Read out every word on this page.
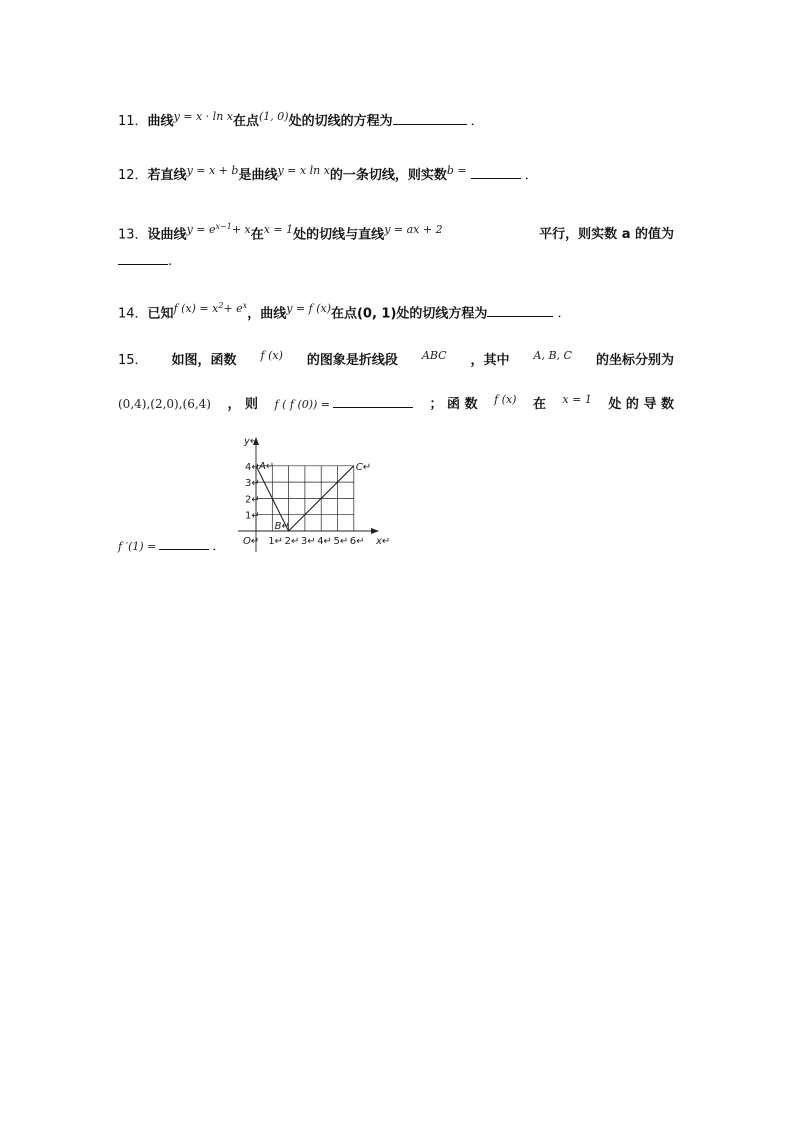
11．曲线$^{y = x \cdot ln x}$在点$^{(1, 0)}$处的切线的方程为	．
12．若直线$^{y = x + b}$是曲线$^{y = x ln x}$的一条切线，则实数$^{b =}$	．
13．设曲线$^{y = ex-1+ x}$在$^{x = 1}$处的切线与直线$^{y = ax + 2}$	平行，则实数 a 的值为
.
14．已知$^{f (x) = x2+ ex}$，曲线$^{y = f (x)}$在点(0, 1)处的切线方程为	．
15． 如图，函数 f (x) 的图象是折线段 ABC ，其中 A, B, C 的坐标分别为
(0,4),(2,0),(6,4) ， 则 f ( f (0)) =	； 函 数 f (x) 在 x = 1 处 的 导 数
f ′(1) =	．	1↵ 2↵ 3↵ 4↵ 5↵ 6↵
1↵
2↵
3↵
4↵
O↵	x↵
y↵
A↵
B↵
C↵
